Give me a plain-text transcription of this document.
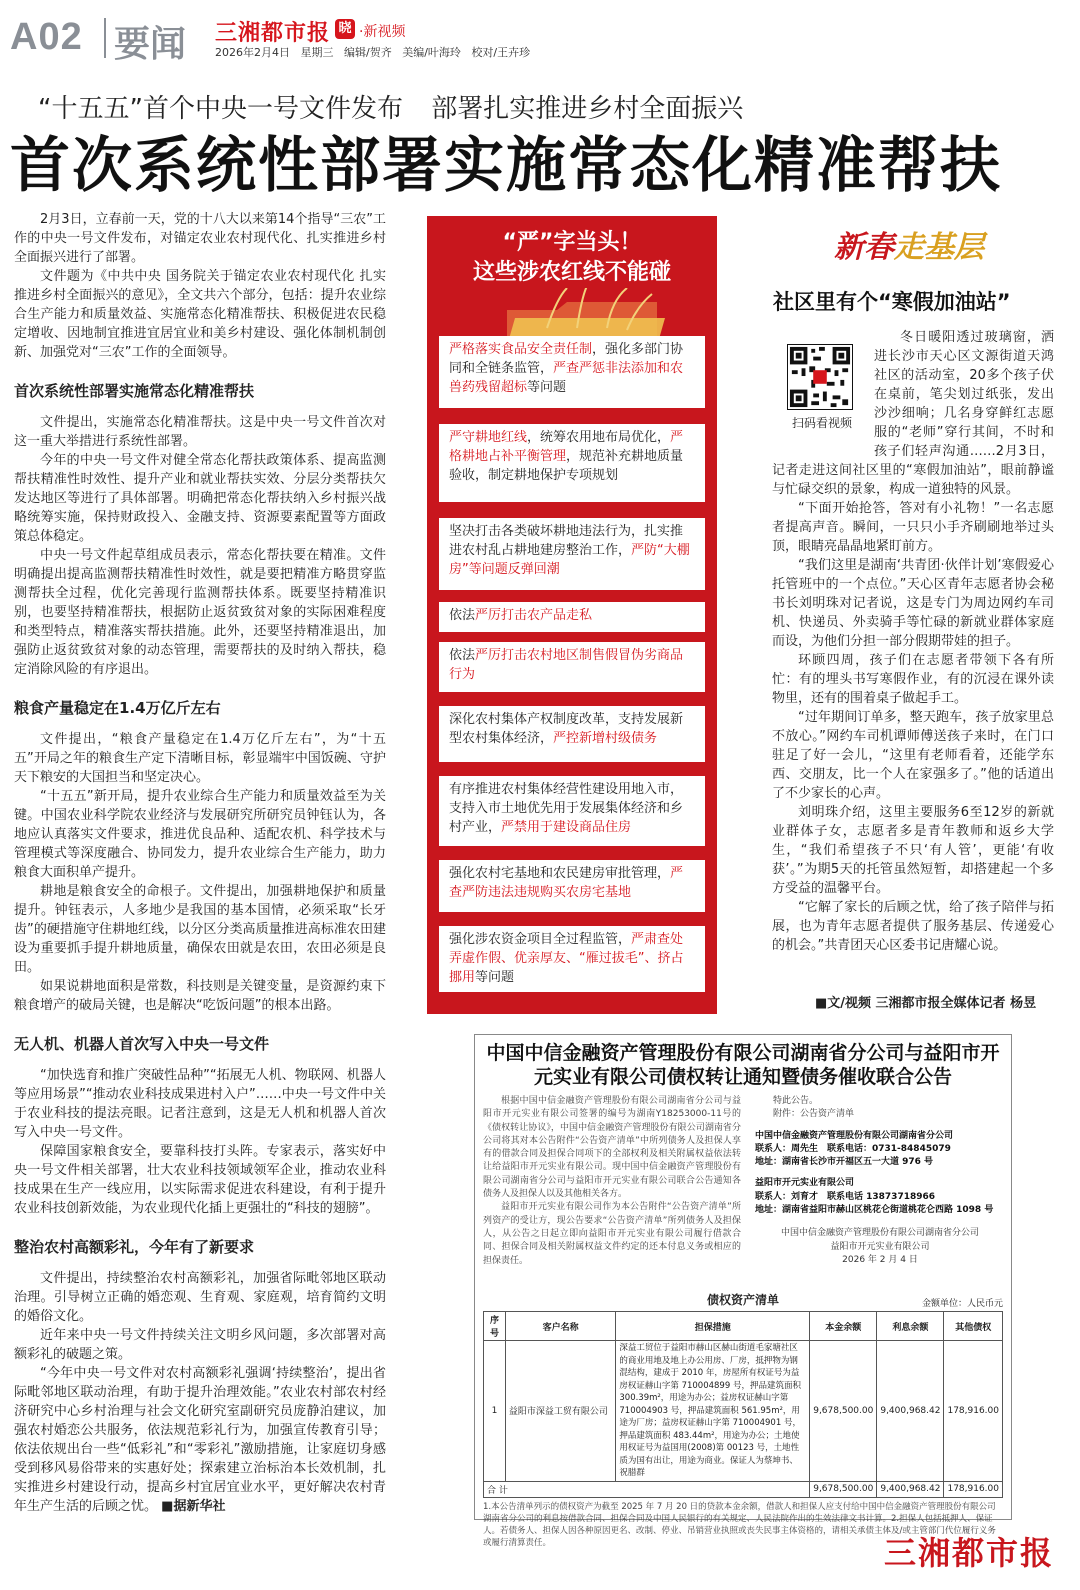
A02 要闻 三湘都市报 晓 ·新视频
2026年2月4日 星期三 编辑/贺齐 美编/叶海玲 校对/王卉珍
“十五五”首个中央一号文件发布 部署扎实推进乡村全面振兴
首次系统性部署实施常态化精准帮扶

2月3日，立春前一天，党的十八大以来第14个指导“三农”工作的中央一号文件发布，对锚定农业农村现代化、扎实推进乡村全面振兴进行了部署。

文件题为《中共中央 国务院关于锚定农业农村现代化 扎实推进乡村全面振兴的意见》，全文共六个部分，包括：提升农业综合生产能力和质量效益、实施常态化精准帮扶、积极促进农民稳定增收、因地制宜推进宜居宜业和美乡村建设、强化体制机制创新、加强党对“三农”工作的全面领导。

首次系统性部署实施常态化精准帮扶

文件提出，实施常态化精准帮扶。这是中央一号文件首次对这一重大举措进行系统性部署。

今年的中央一号文件对健全常态化帮扶政策体系、提高监测帮扶精准性时效性、提升产业和就业帮扶实效、分层分类帮扶欠发达地区等进行了具体部署。明确把常态化帮扶纳入乡村振兴战略统筹实施，保持财政投入、金融支持、资源要素配置等方面政策总体稳定。

中央一号文件起草组成员表示，常态化帮扶要在精准。文件明确提出提高监测帮扶精准性时效性，就是要把精准方略贯穿监测帮扶全过程，优化完善现行监测帮扶体系。既要坚持精准识别，也要坚持精准帮扶，根据防止返贫致贫对象的实际困难程度和类型特点，精准落实帮扶措施。此外，还要坚持精准退出，加强防止返贫致贫对象的动态管理，需要帮扶的及时纳入帮扶，稳定消除风险的有序退出。

粮食产量稳定在1.4万亿斤左右

文件提出，“粮食产量稳定在1.4万亿斤左右”，为“十五五”开局之年的粮食生产定下清晰目标，彰显端牢中国饭碗、守护天下粮安的大国担当和坚定决心。

“十五五”新开局，提升农业综合生产能力和质量效益至为关键。中国农业科学院农业经济与发展研究所研究员钟钰认为，各地应认真落实文件要求，推进优良品种、适配农机、科学技术与管理模式等深度融合、协同发力，提升农业综合生产能力，助力粮食大面积单产提升。

耕地是粮食安全的命根子。文件提出，加强耕地保护和质量提升。钟钰表示，人多地少是我国的基本国情，必须采取“长牙齿”的硬措施守住耕地红线，以分区分类高质量推进高标准农田建设为重要抓手提升耕地质量，确保农田就是农田，农田必须是良田。

如果说耕地面积是常数，科技则是关键变量，是资源约束下粮食增产的破局关键，也是解决“吃饭问题”的根本出路。

无人机、机器人首次写入中央一号文件

“加快选育和推广突破性品种”“拓展无人机、物联网、机器人等应用场景”“推动农业科技成果进村入户”……中央一号文件中关于农业科技的提法亮眼。记者注意到，这是无人机和机器人首次写入中央一号文件。

保障国家粮食安全，要靠科技打头阵。专家表示，落实好中央一号文件相关部署，壮大农业科技领域领军企业，推动农业科技成果在生产一线应用，以实际需求促进农科建设，有利于提升农业科技创新效能，为农业现代化插上更强壮的“科技的翅膀”。

整治农村高额彩礼，今年有了新要求

文件提出，持续整治农村高额彩礼，加强省际毗邻地区联动治理。引导树立正确的婚恋观、生育观、家庭观，培育简约文明的婚俗文化。

近年来中央一号文件持续关注文明乡风问题，多次部署对高额彩礼的破题之策。

“今年中央一号文件对农村高额彩礼强调‘持续整治’，提出省际毗邻地区联动治理，有助于提升治理效能。”农业农村部农村经济研究中心乡村治理与社会文化研究室副研究员庞静泊建议，加强农村婚恋公共服务，依法规范彩礼行为，加强宣传教育引导；依法依规出台一些“低彩礼”和“零彩礼”激励措施，让家庭切身感受到移风易俗带来的实惠好处；探索建立治标治本长效机制，扎实推进乡村建设行动，提高乡村宜居宜业水平，更好解决农村青年生产生活的后顾之忧。 ■据新华社

“严”字当头！
这些涉农红线不能碰
严格落实食品安全责任制，强化多部门协同和全链条监管，严查严惩非法添加和农兽药残留超标等问题
严守耕地红线，统筹农用地布局优化，严格耕地占补平衡管理，规范补充耕地质量验收，制定耕地保护专项规划
坚决打击各类破坏耕地违法行为，扎实推进农村乱占耕地建房整治工作，严防“大棚房”等问题反弹回潮
依法严厉打击农产品走私
依法严厉打击农村地区制售假冒伪劣商品行为
深化农村集体产权制度改革，支持发展新型农村集体经济，严控新增村级债务
有序推进农村集体经营性建设用地入市，支持入市土地优先用于发展集体经济和乡村产业，严禁用于建设商品住房
强化农村宅基地和农民建房审批管理，严查严防违法违规购买农房宅基地
强化涉农资金项目全过程监管，严肃查处弄虚作假、优亲厚友、“雁过拔毛”、挤占挪用等问题
新春走基层
社区里有个“寒假加油站”

冬日暖阳透过玻璃窗，洒进长沙市天心区文源街道天鸿社区的活动室，20多个孩子伏在桌前，笔尖划过纸张，发出沙沙细响；几名身穿鲜红志愿服的“老师”穿行其间，不时和孩子们轻声沟通……2月3日，记者走进这间社区里的“寒假加油站”，眼前静谧与忙碌交织的景象，构成一道独特的风景。

“下面开始抢答，答对有小礼物！”一名志愿者提高声音。瞬间，一只只小手齐刷刷地举过头顶，眼睛亮晶晶地紧盯前方。

“我们这里是湖南‘共青团·伙伴计划’寒假爱心托管班中的一个点位。”天心区青年志愿者协会秘书长刘明珠对记者说，这是专门为周边网约车司机、快递员、外卖骑手等忙碌的新就业群体家庭而设，为他们分担一部分假期带娃的担子。

环顾四周，孩子们在志愿者带领下各有所忙：有的埋头书写寒假作业，有的沉浸在课外读物里，还有的围着桌子做起手工。

“过年期间订单多，整天跑车，孩子放家里总不放心。”网约车司机谭师傅送孩子来时，在门口驻足了好一会儿，“这里有老师看着，还能学东西、交朋友，比一个人在家强多了。”他的话道出了不少家长的心声。

刘明珠介绍，这里主要服务6至12岁的新就业群体子女，志愿者多是青年教师和返乡大学生，“我们希望孩子不只‘有人管’，更能‘有收获’。”为期5天的托管虽然短暂，却搭建起一个多方受益的温馨平台。

“它解了家长的后顾之忧，给了孩子陪伴与拓展，也为青年志愿者提供了服务基层、传递爱心的机会。”共青团天心区委书记唐耀心说。

扫码看视频
■文/视频 三湘都市报全媒体记者 杨昱
中国中信金融资产管理股份有限公司湖南省分公司与益阳市开元实业有限公司债权转让通知暨债务催收联合公告

根据中国中信金融资产管理股份有限公司湖南省分公司与益阳市开元实业有限公司签署的编号为湖南Y18253000-11号的《债权转让协议》，中国中信金融资产管理股份有限公司湖南省分公司将其对本公告附件“公告资产清单”中所列债务人及担保人享有的借款合同及担保合同项下的全部权利及相关附属权益依法转让给益阳市开元实业有限公司。现中国中信金融资产管理股份有限公司湖南省分公司与益阳市开元实业有限公司联合公告通知各债务人及担保人以及其他相关各方。

益阳市开元实业有限公司作为本公告附件“公告资产清单”所列资产的受让方，现公告要求“公告资产清单”所列债务人及担保人，从公告之日起立即向益阳市开元实业有限公司履行借款合同、担保合同及相关附属权益文件约定的还本付息义务或相应的担保责任。

特此公告。
附件：公告资产清单
中国中信金融资产管理股份有限公司湖南省分公司
联系人：周先生　联系电话：0731-84845079
地址：湖南省长沙市开福区五一大道 976 号
益阳市开元实业有限公司
联系人：刘育才　联系电话 13873718966
地址：湖南省益阳市赫山区桃花仑街道桃花仑西路 1098 号
中国中信金融资产管理股份有限公司湖南省分公司
益阳市开元实业有限公司
2026 年 2 月 4 日
债权资产清单	金额单位：人民币元
序号	客户名称	担保措施	本金余额	利息余额	其他债权
1	益阳市深益工贸有限公司	深益工贸位于益阳市赫山区赫山街道毛家塘社区的商业用地及地上办公用房、厂房，抵押物为钢混结构，建成于 2010 年，房屋所有权证号为益房权证赫山字第 710004899 号，押品建筑面积 300.39m²，用途为办公；益房权证赫山字第 710004903 号，押品建筑面积 561.95m²，用途为厂房；益房权证赫山字第 710004901 号，押品建筑面积 483.44m²，用途为办公；土地使用权证号为益国用(2008)第 00123 号，土地性质为国有出让，用途为商业。保证人为蔡坤书、祝腊群	9,678,500.00	9,400,968.42	178,916.00
合 计			9,678,500.00	9,400,968.42	178,916.00
1.本公告清单列示的债权资产为截至 2025 年 7 月 20 日的贷款本金余额，借款人和担保人应支付给中国中信金融资产管理股份有限公司湖南省分公司的利息按借款合同、担保合同及中国人民银行的有关规定、人民法院作出的生效法律文书计算。2.担保人包括抵押人、保证人。若债务人、担保人因各种原因更名、改制、停业、吊销营业执照或丧失民事主体资格的，请相关承债主体及/或主管部门代位履行义务或履行清算责任。	三湘都市报
